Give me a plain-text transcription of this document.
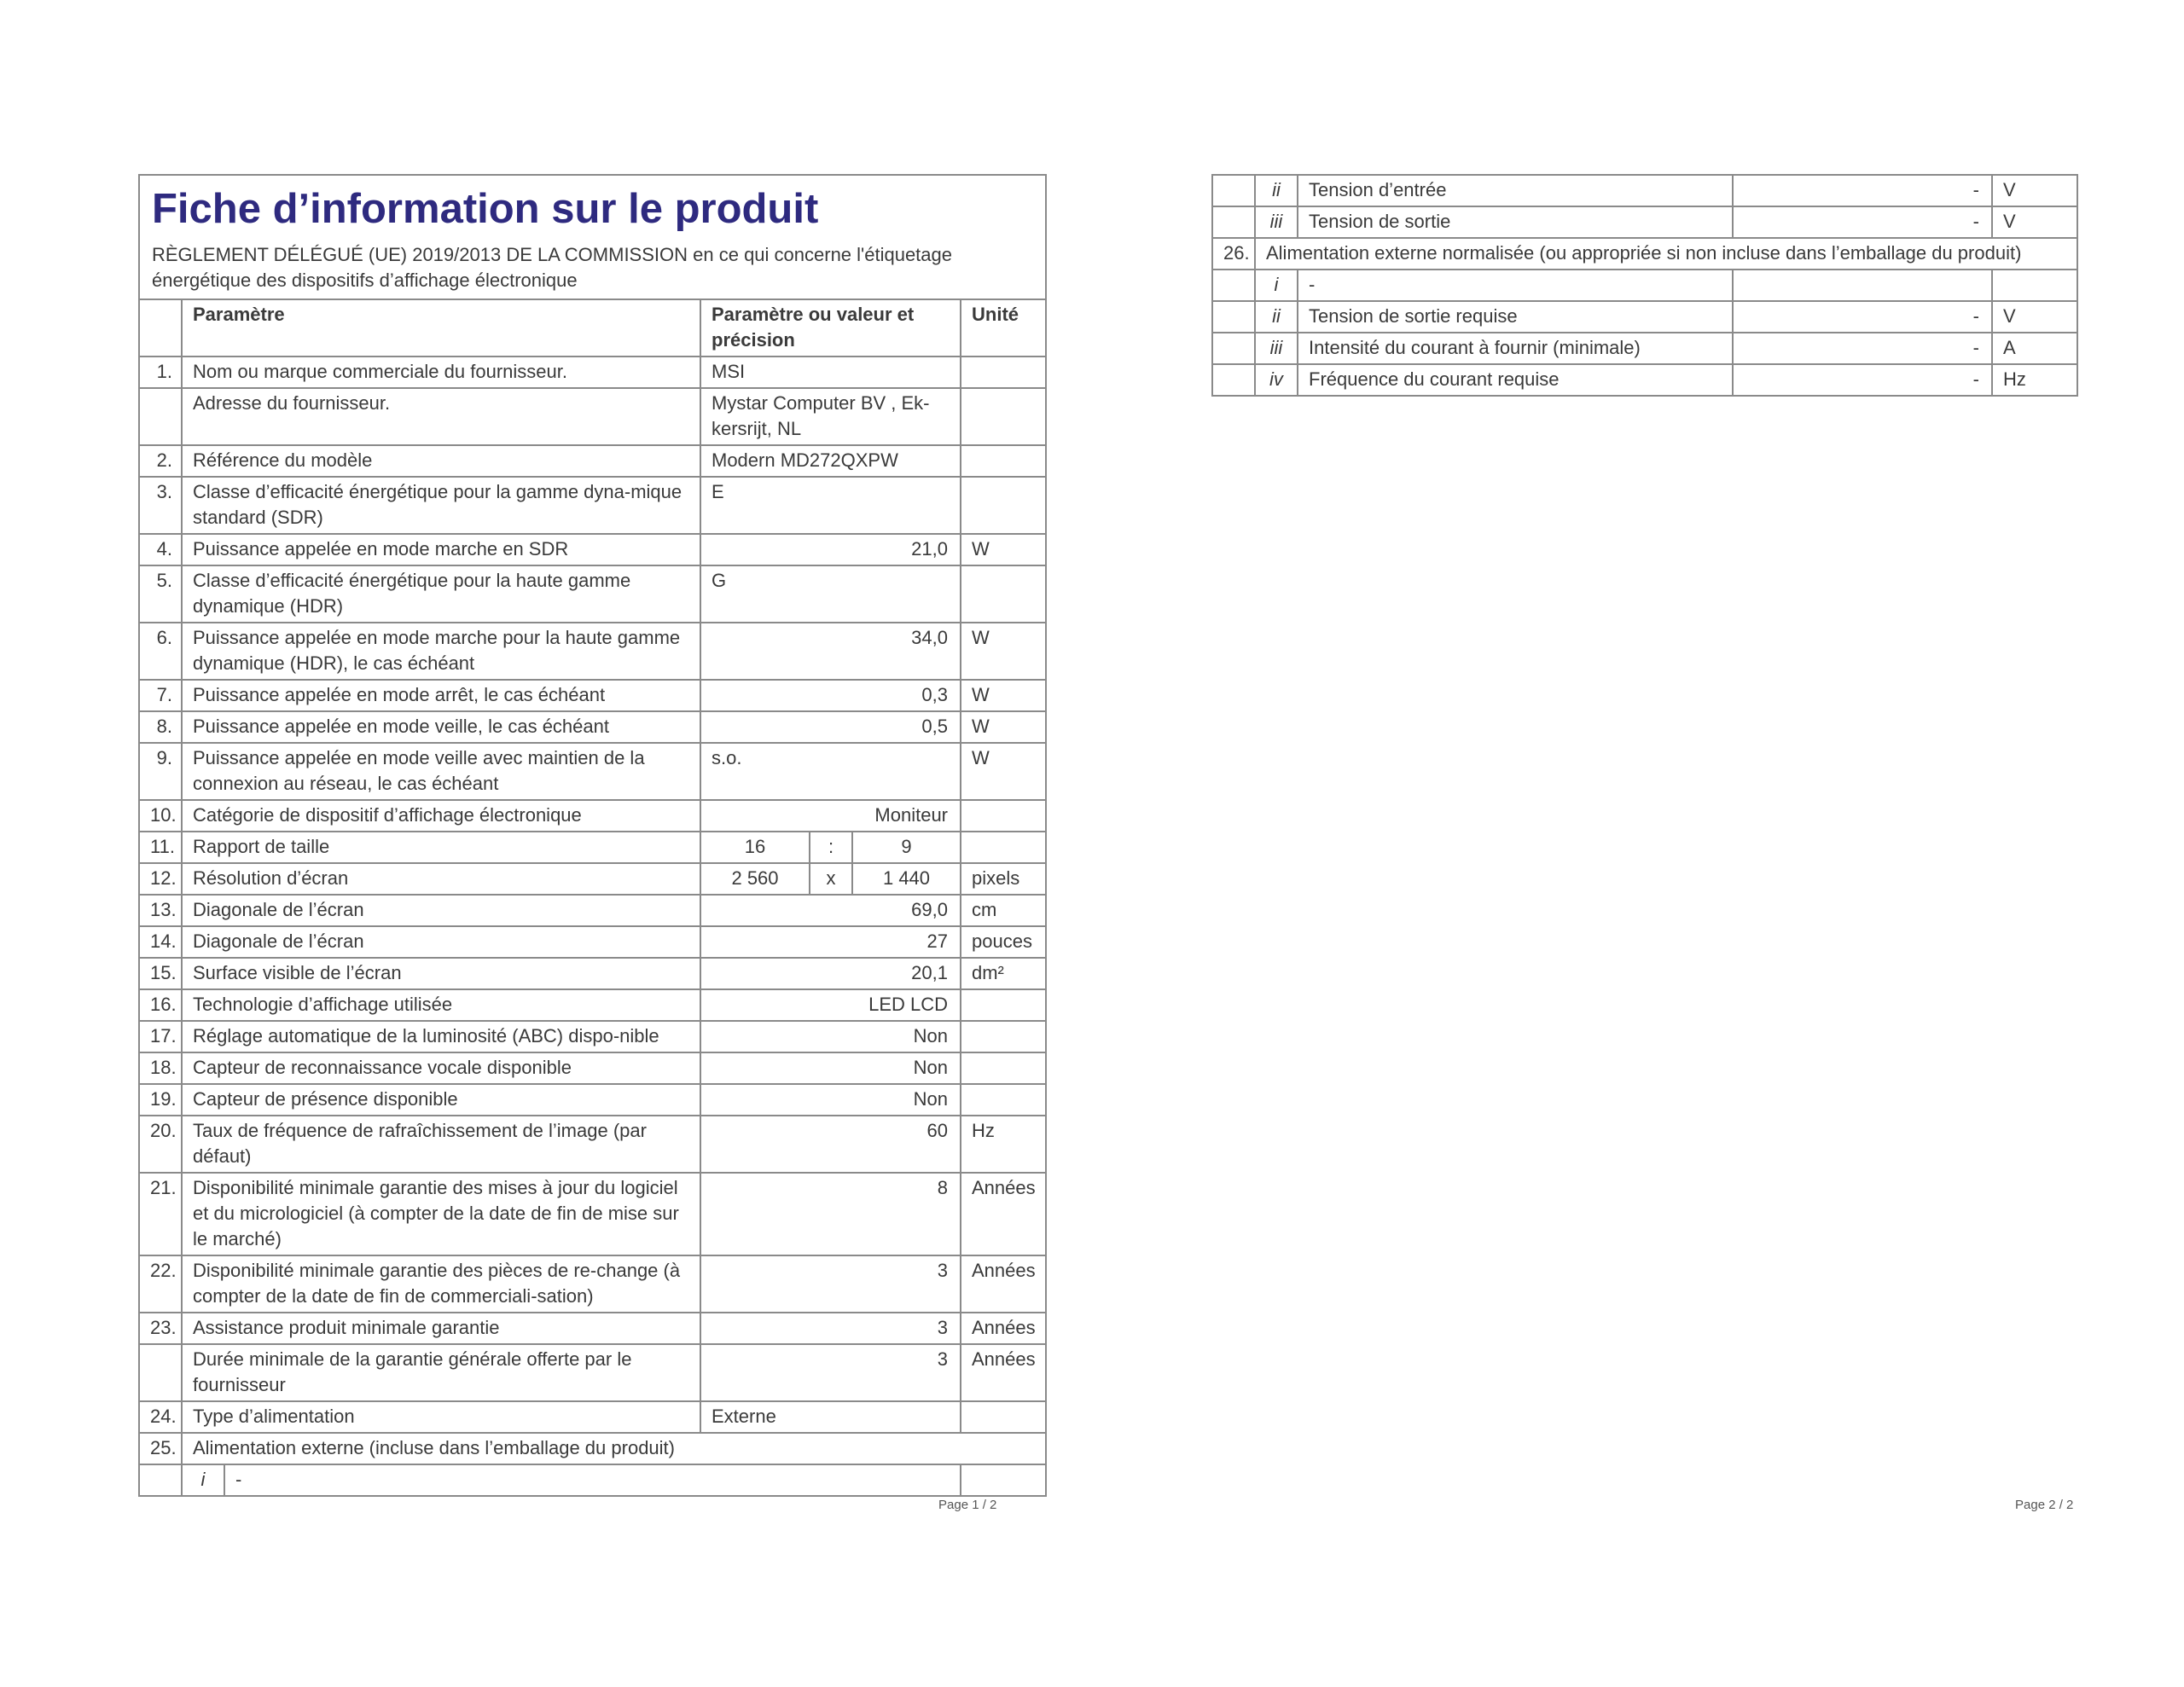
Fiche d’information sur le produit
RÈGLEMENT DÉLÉGUÉ (UE) 2019/2013 DE LA COMMISSION en ce qui concerne l'étiquetage énergétique des dispositifs d’affichage électronique						

	Paramètre		Paramètre ou valeur et précision			Unité
1.	Nom ou marque commerciale du fournisseur.		MSI			
	Adresse du fournisseur.		Mystar Computer BV , Ek-kersrijt, NL			
2.	Référence du modèle		Modern MD272QXPW			
3.	Classe d’efficacité énergétique pour la gamme dyna-mique standard (SDR)		E			
4.	Puissance appelée en mode marche en SDR		21,0			W
5.	Classe d’efficacité énergétique pour la haute gamme dynamique (HDR)		G			
6.	Puissance appelée en mode marche pour la haute gamme dynamique (HDR), le cas échéant		34,0			W
7.	Puissance appelée en mode arrêt, le cas échéant		0,3			W
8.	Puissance appelée en mode veille, le cas échéant		0,5			W
9.	Puissance appelée en mode veille avec maintien de la connexion au réseau, le cas échéant		s.o.			W
10.	Catégorie de dispositif d’affichage électronique		Moniteur			
11.	Rapport de taille		16	:	9	
12.	Résolution d’écran		2 560	x	1 440	pixels
13.	Diagonale de l’écran		69,0			cm
14.	Diagonale de l’écran		27			pouces
15.	Surface visible de l’écran		20,1			dm²
16.	Technologie d’affichage utilisée		LED LCD			
17.	Réglage automatique de la luminosité (ABC) dispo-nible		Non			
18.	Capteur de reconnaissance vocale disponible		Non			
19.	Capteur de présence disponible		Non			
20.	Taux de fréquence de rafraîchissement de l’image (par défaut)		60			Hz
21.	Disponibilité minimale garantie des mises à jour du logiciel et du micrologiciel (à compter de la date de fin de mise sur le marché)		8			Années
22.	Disponibilité minimale garantie des pièces de re-change (à compter de la date de fin de commerciali-sation)		3			Années
23.	Assistance produit minimale garantie		3			Années
	Durée minimale de la garantie générale offerte par le fournisseur		3			Années
24.	Type d’alimentation		Externe			
25.	Alimentation externe (incluse dans l’emballage du produit)					
	i	-				
	ii	Tension d’entrée	-	V
	iii	Tension de sortie	-	V
26.	Alimentation externe normalisée (ou appropriée si non incluse dans l’emballage du produit)			
	i	-		
	ii	Tension de sortie requise	-	V
	iii	Intensité du courant à fournir (minimale)	-	A
	iv	Fréquence du courant requise	-	Hz
Page 1 / 2	Page 2 / 2
